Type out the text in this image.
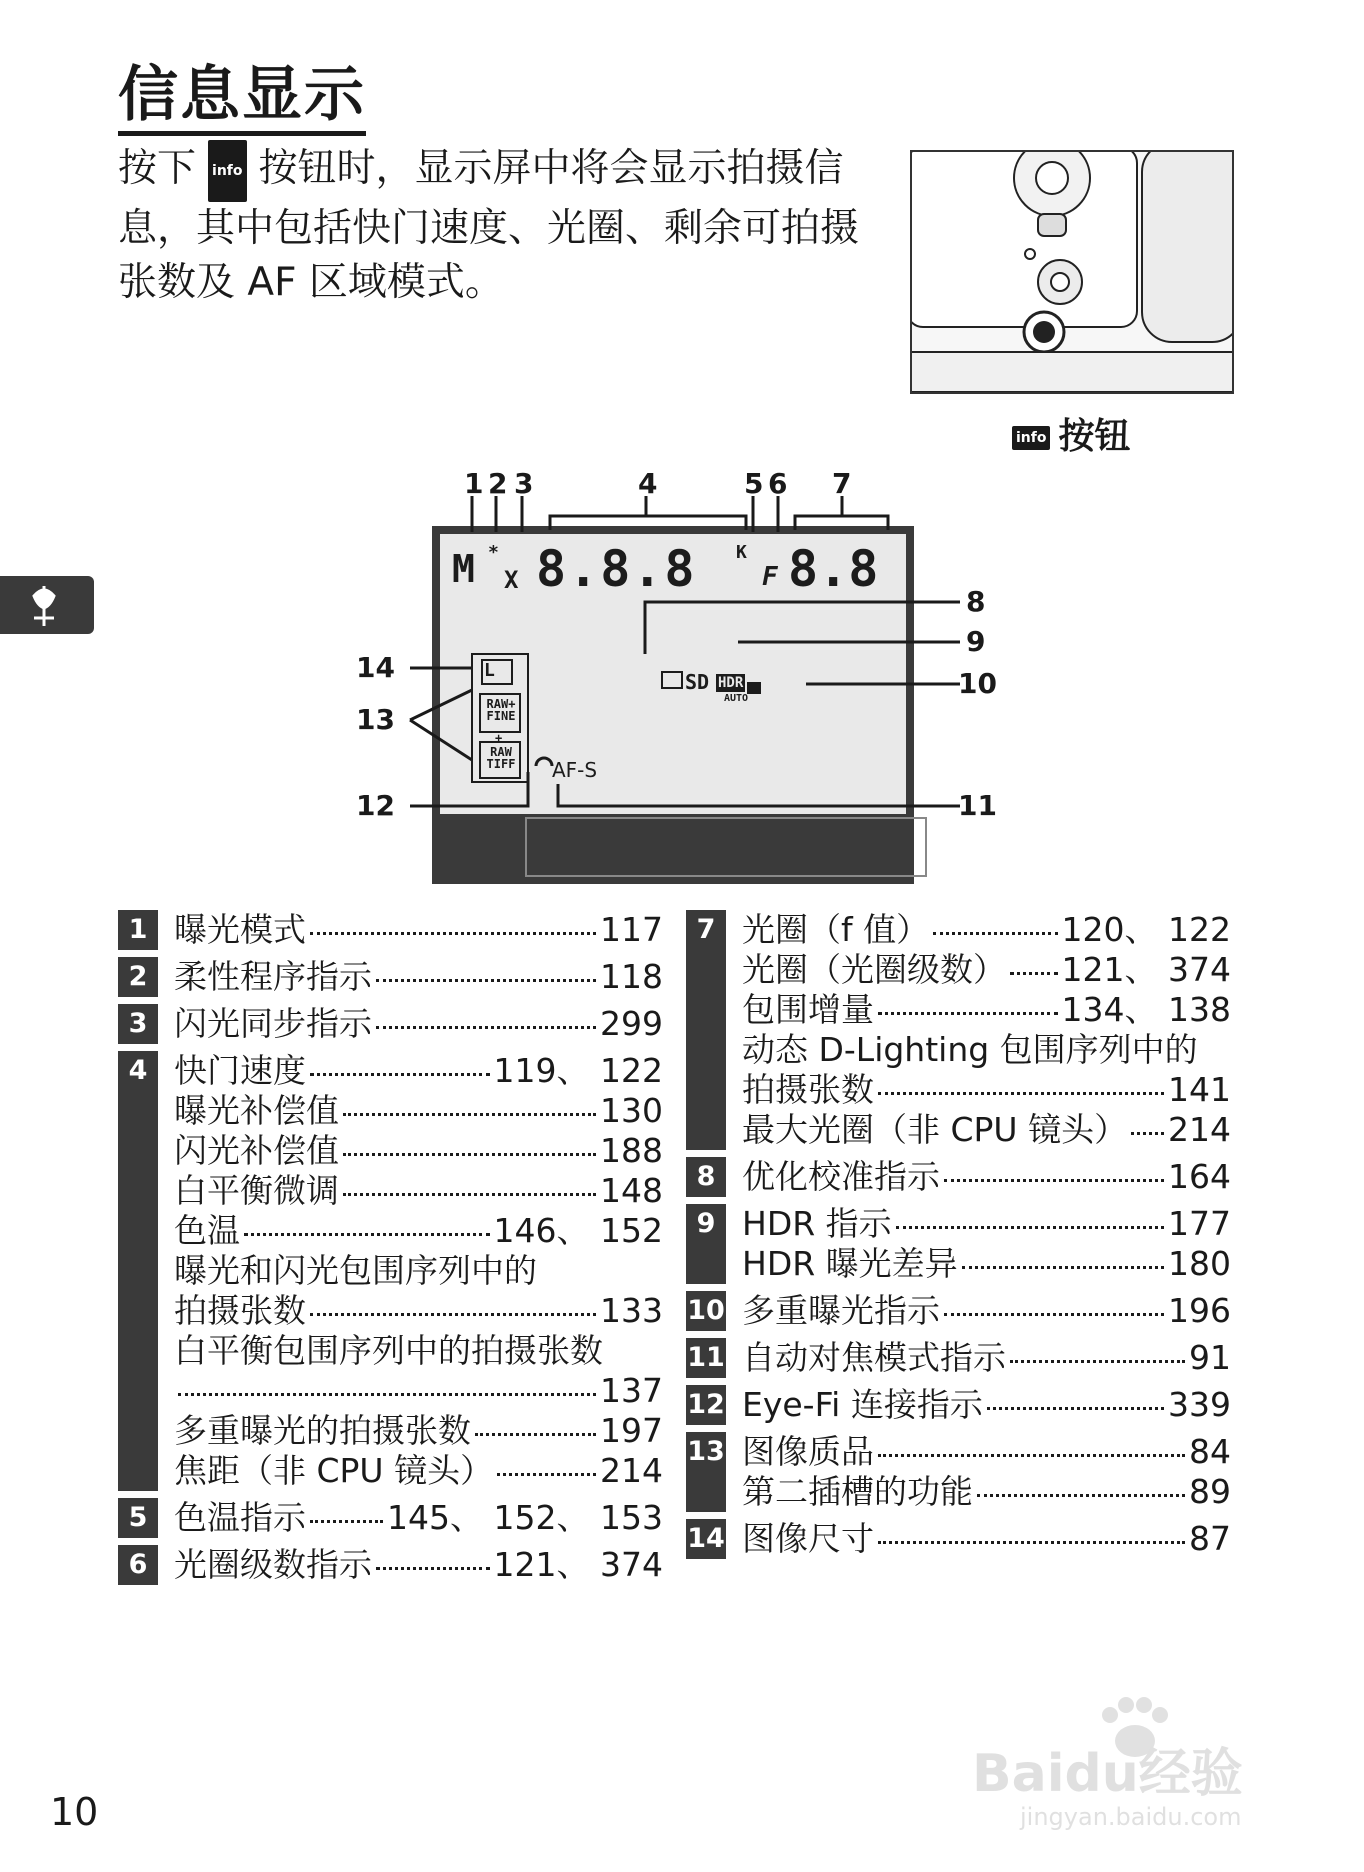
信息显示
按下 info 按钮时，显示屏中将会显示拍摄信息，其中包括快门速度、光圈、剩余可拍摄张数及 AF 区域模式。
info 按钮
M *
X 8.8.8 K
F 8.8
SD HDR
AUTO
L
RAW+ FINE
+
RAW TIFF AF-S
1 2 3	4	5 6 7
8
9
10
11
12
13
14
1 曝光模式	117
2 柔性程序指示	118
3 闪光同步指示	299
4 快门速度	119、 122
曝光补偿值	130
闪光补偿值	188
白平衡微调	148
色温	146、 152
曝光和闪光包围序列中的
拍摄张数	133
白平衡包围序列中的拍摄张数
137
多重曝光的拍摄张数	197
焦距（非 CPU 镜头）	214
5 色温指示 145、 152、 153
6 光圈级数指示	121、 374
7 光圈（f 值）	120、 122
光圈（光圈级数） 121、 374
包围增量	134、 138
动态 D-Lighting 包围序列中的
拍摄张数	141
最大光圈（非 CPU 镜头） 214
8 优化校准指示	164
9 HDR 指示	177
HDR 曝光差异	180
10 多重曝光指示	196
11 自动对焦模式指示	91
12 Eye-Fi 连接指示	339
13 图像质品	84
第二插槽的功能	89
14 图像尺寸	87
10
Baidu经验
jingyan.baidu.com
